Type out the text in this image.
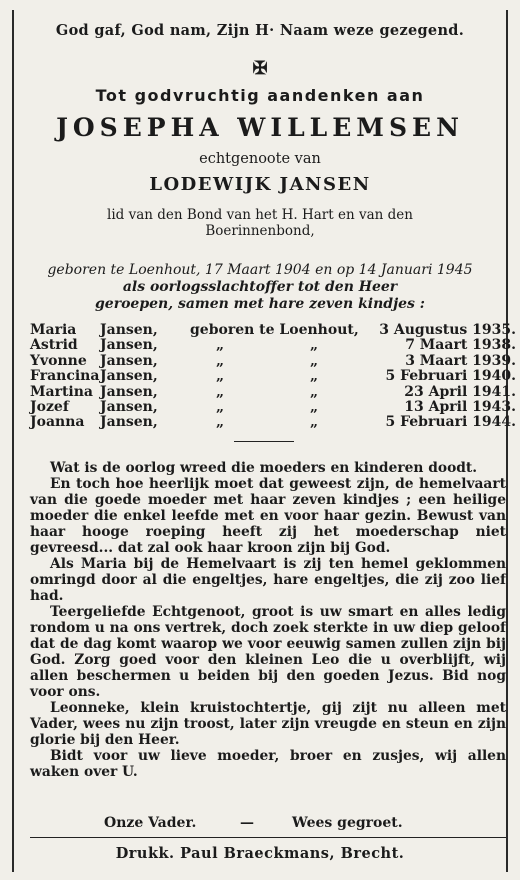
God gaf, God nam, Zijn H· Naam weze gezegend.
✠
Tot godvruchtig aandenken aan
JOSEPHA WILLEMSEN
echtgenoote van
LODEWIJK JANSEN
lid van den Bond van het H. Hart en van den
Boerinnenbond,
geboren te Loenhout, 17 Maart 1904 en op 14 Januari 1945
als oorlogsslachtoffer tot den Heer
geroepen, samen met hare zeven kindjes :
Maria Jansen, geboren te Loenhout, 3 Augustus 1935.
Astrid Jansen,	„	„	7 Maart 1938.
Yvonne Jansen,	„	„	3 Maart 1939.
Francina Jansen,	„	„	5 Februari 1940.
Martina Jansen,	„	„	23 April 1941.
Jozef Jansen,	„	„	13 April 1943.
Joanna Jansen,	„	„	5 Februari 1944.

Wat is de oorlog wreed die moeders en kinderen doodt.

En toch hoe heerlijk moet dat geweest zijn, de hemelvaart van die goede moeder met haar zeven kindjes ; een heilige moeder die enkel leefde met en voor haar gezin. Bewust van haar hooge roeping heeft zij het moederschap niet gevreesd... dat zal ook haar kroon zijn bij God.

Als Maria bij de Hemelvaart is zij ten hemel geklommen omringd door al die engeltjes, hare engeltjes, die zij zoo lief had.

Teergeliefde Echtgenoot, groot is uw smart en alles ledig rondom u na ons vertrek, doch zoek sterkte in uw diep geloof dat de dag komt waarop we voor eeuwig samen zullen zijn bij God. Zorg goed voor den kleinen Leo die u overblijft, wij allen beschermen u beiden bij den goeden Jezus. Bid nog voor ons.

Leonneke, klein kruistochtertje, gij zijt nu alleen met Vader, wees nu zijn troost, later zijn vreugde en steun en zijn glorie bij den Heer.

Bidt voor uw lieve moeder, broer en zusjes, wij allen waken over U.

Onze Vader.	—	Wees gegroet.
Drukk. Paul Braeckmans, Brecht.
